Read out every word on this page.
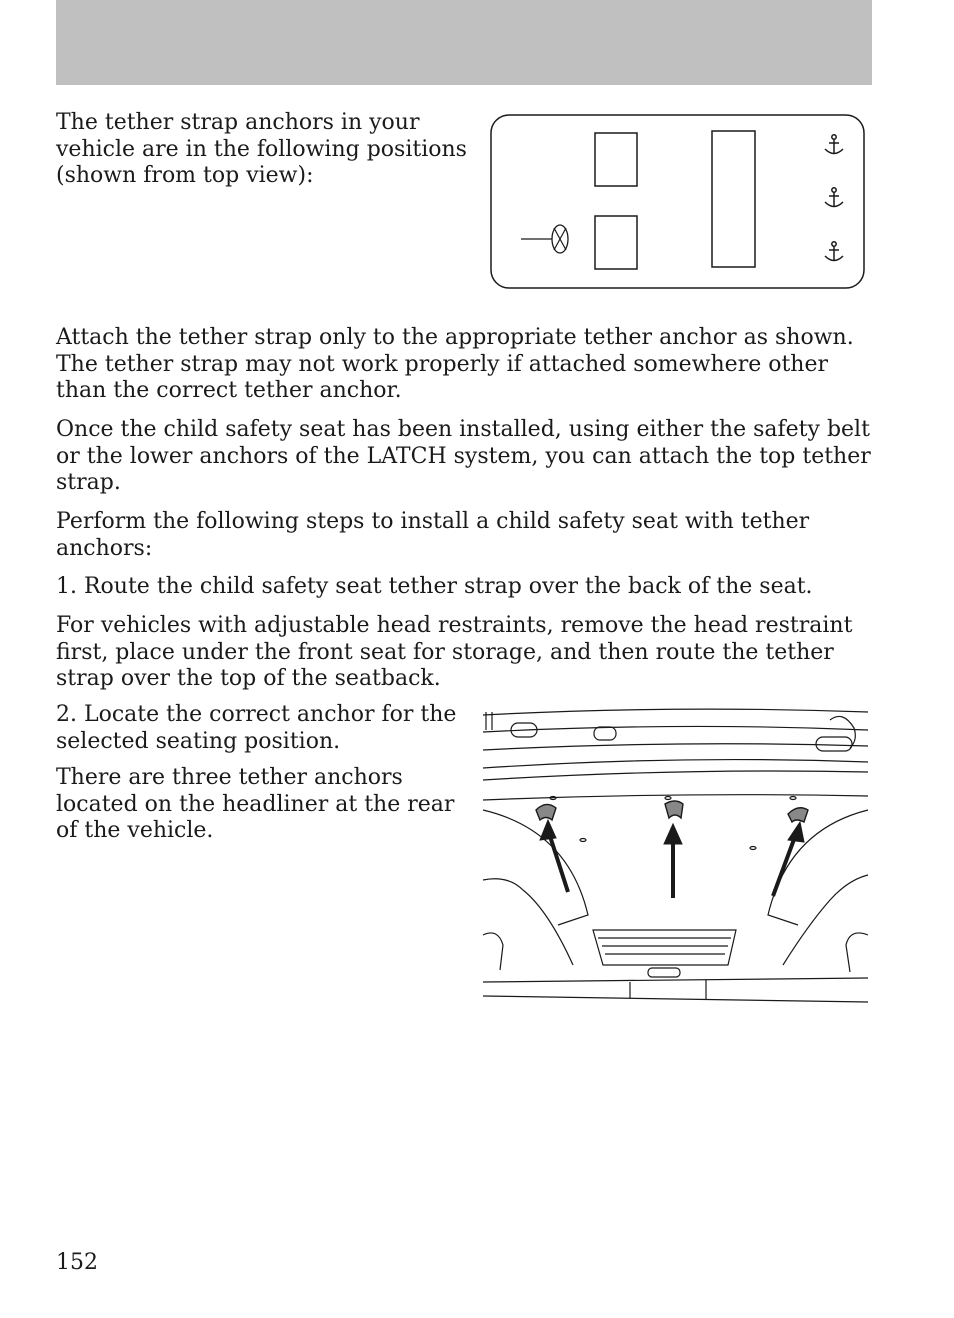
The tether strap anchors in your vehicle are in the following positions (shown from top view):

Attach the tether strap only to the appropriate tether anchor as shown. The tether strap may not work properly if attached somewhere other than the correct tether anchor.

Once the child safety seat has been installed, using either the safety belt or the lower anchors of the LATCH system, you can attach the top tether strap.

Perform the following steps to install a child safety seat with tether anchors:

1. Route the child safety seat tether strap over the back of the seat.

For vehicles with adjustable head restraints, remove the head restraint first, place under the front seat for storage, and then route the tether strap over the top of the seatback.

2. Locate the correct anchor for the selected seating position.

There are three tether anchors located on the headliner at the rear of the vehicle.

152
